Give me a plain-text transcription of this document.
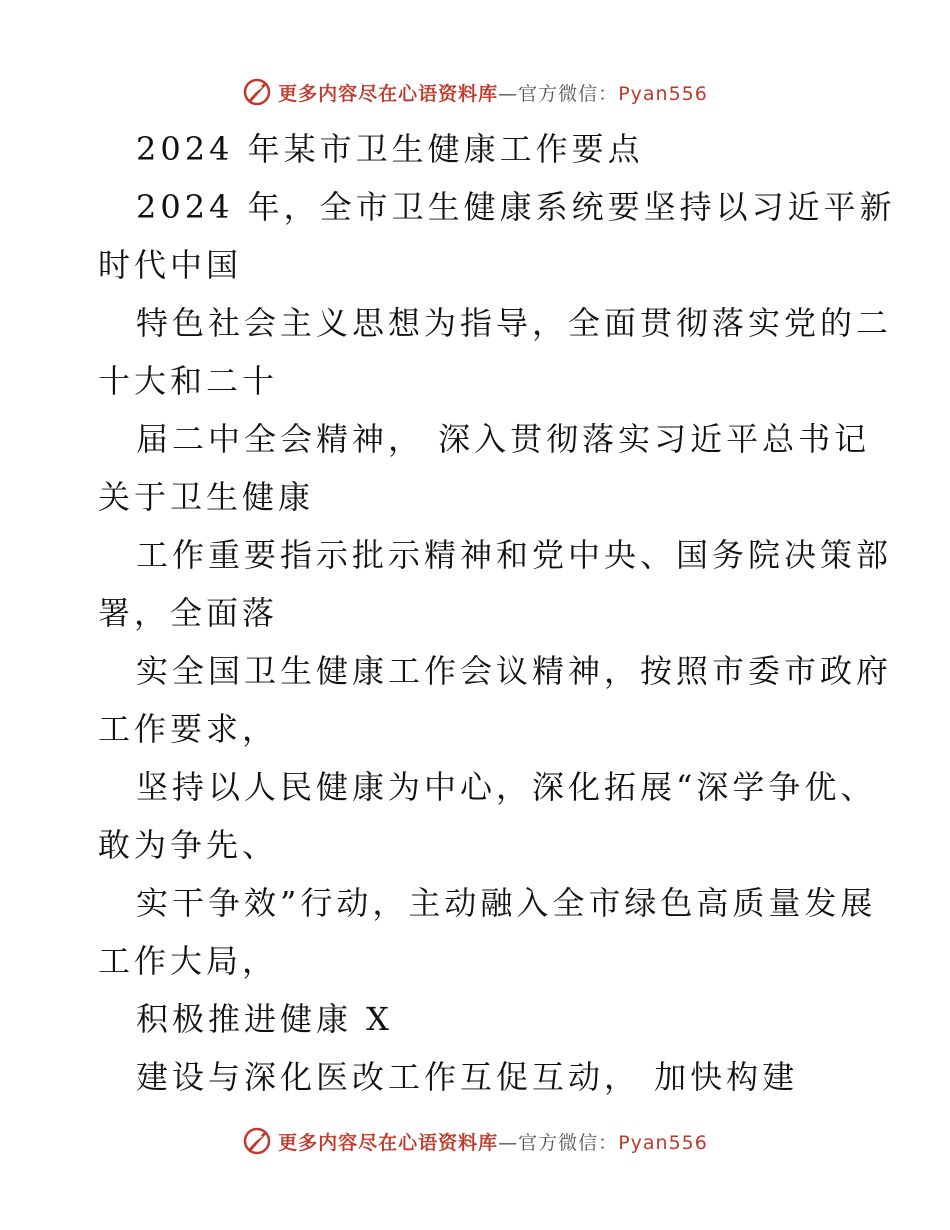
更多内容尽在心语资料库—官方微信：Pyan556
2024 年某市卫生健康工作要点
2024 年，全市卫生健康系统要坚持以习近平新
时代中国
特色社会主义思想为指导，全面贯彻落实党的二
十大和二十
届二中全会精神， 深入贯彻落实习近平总书记
关于卫生健康
工作重要指示批示精神和党中央、国务院决策部
署，全面落
实全国卫生健康工作会议精神，按照市委市政府
工作要求，
坚持以人民健康为中心，深化拓展“深学争优、
敢为争先、
实干争效”行动，主动融入全市绿色高质量发展
工作大局，
积极推进健康 X
建设与深化医改工作互促互动， 加快构建
更多内容尽在心语资料库—官方微信：Pyan556
